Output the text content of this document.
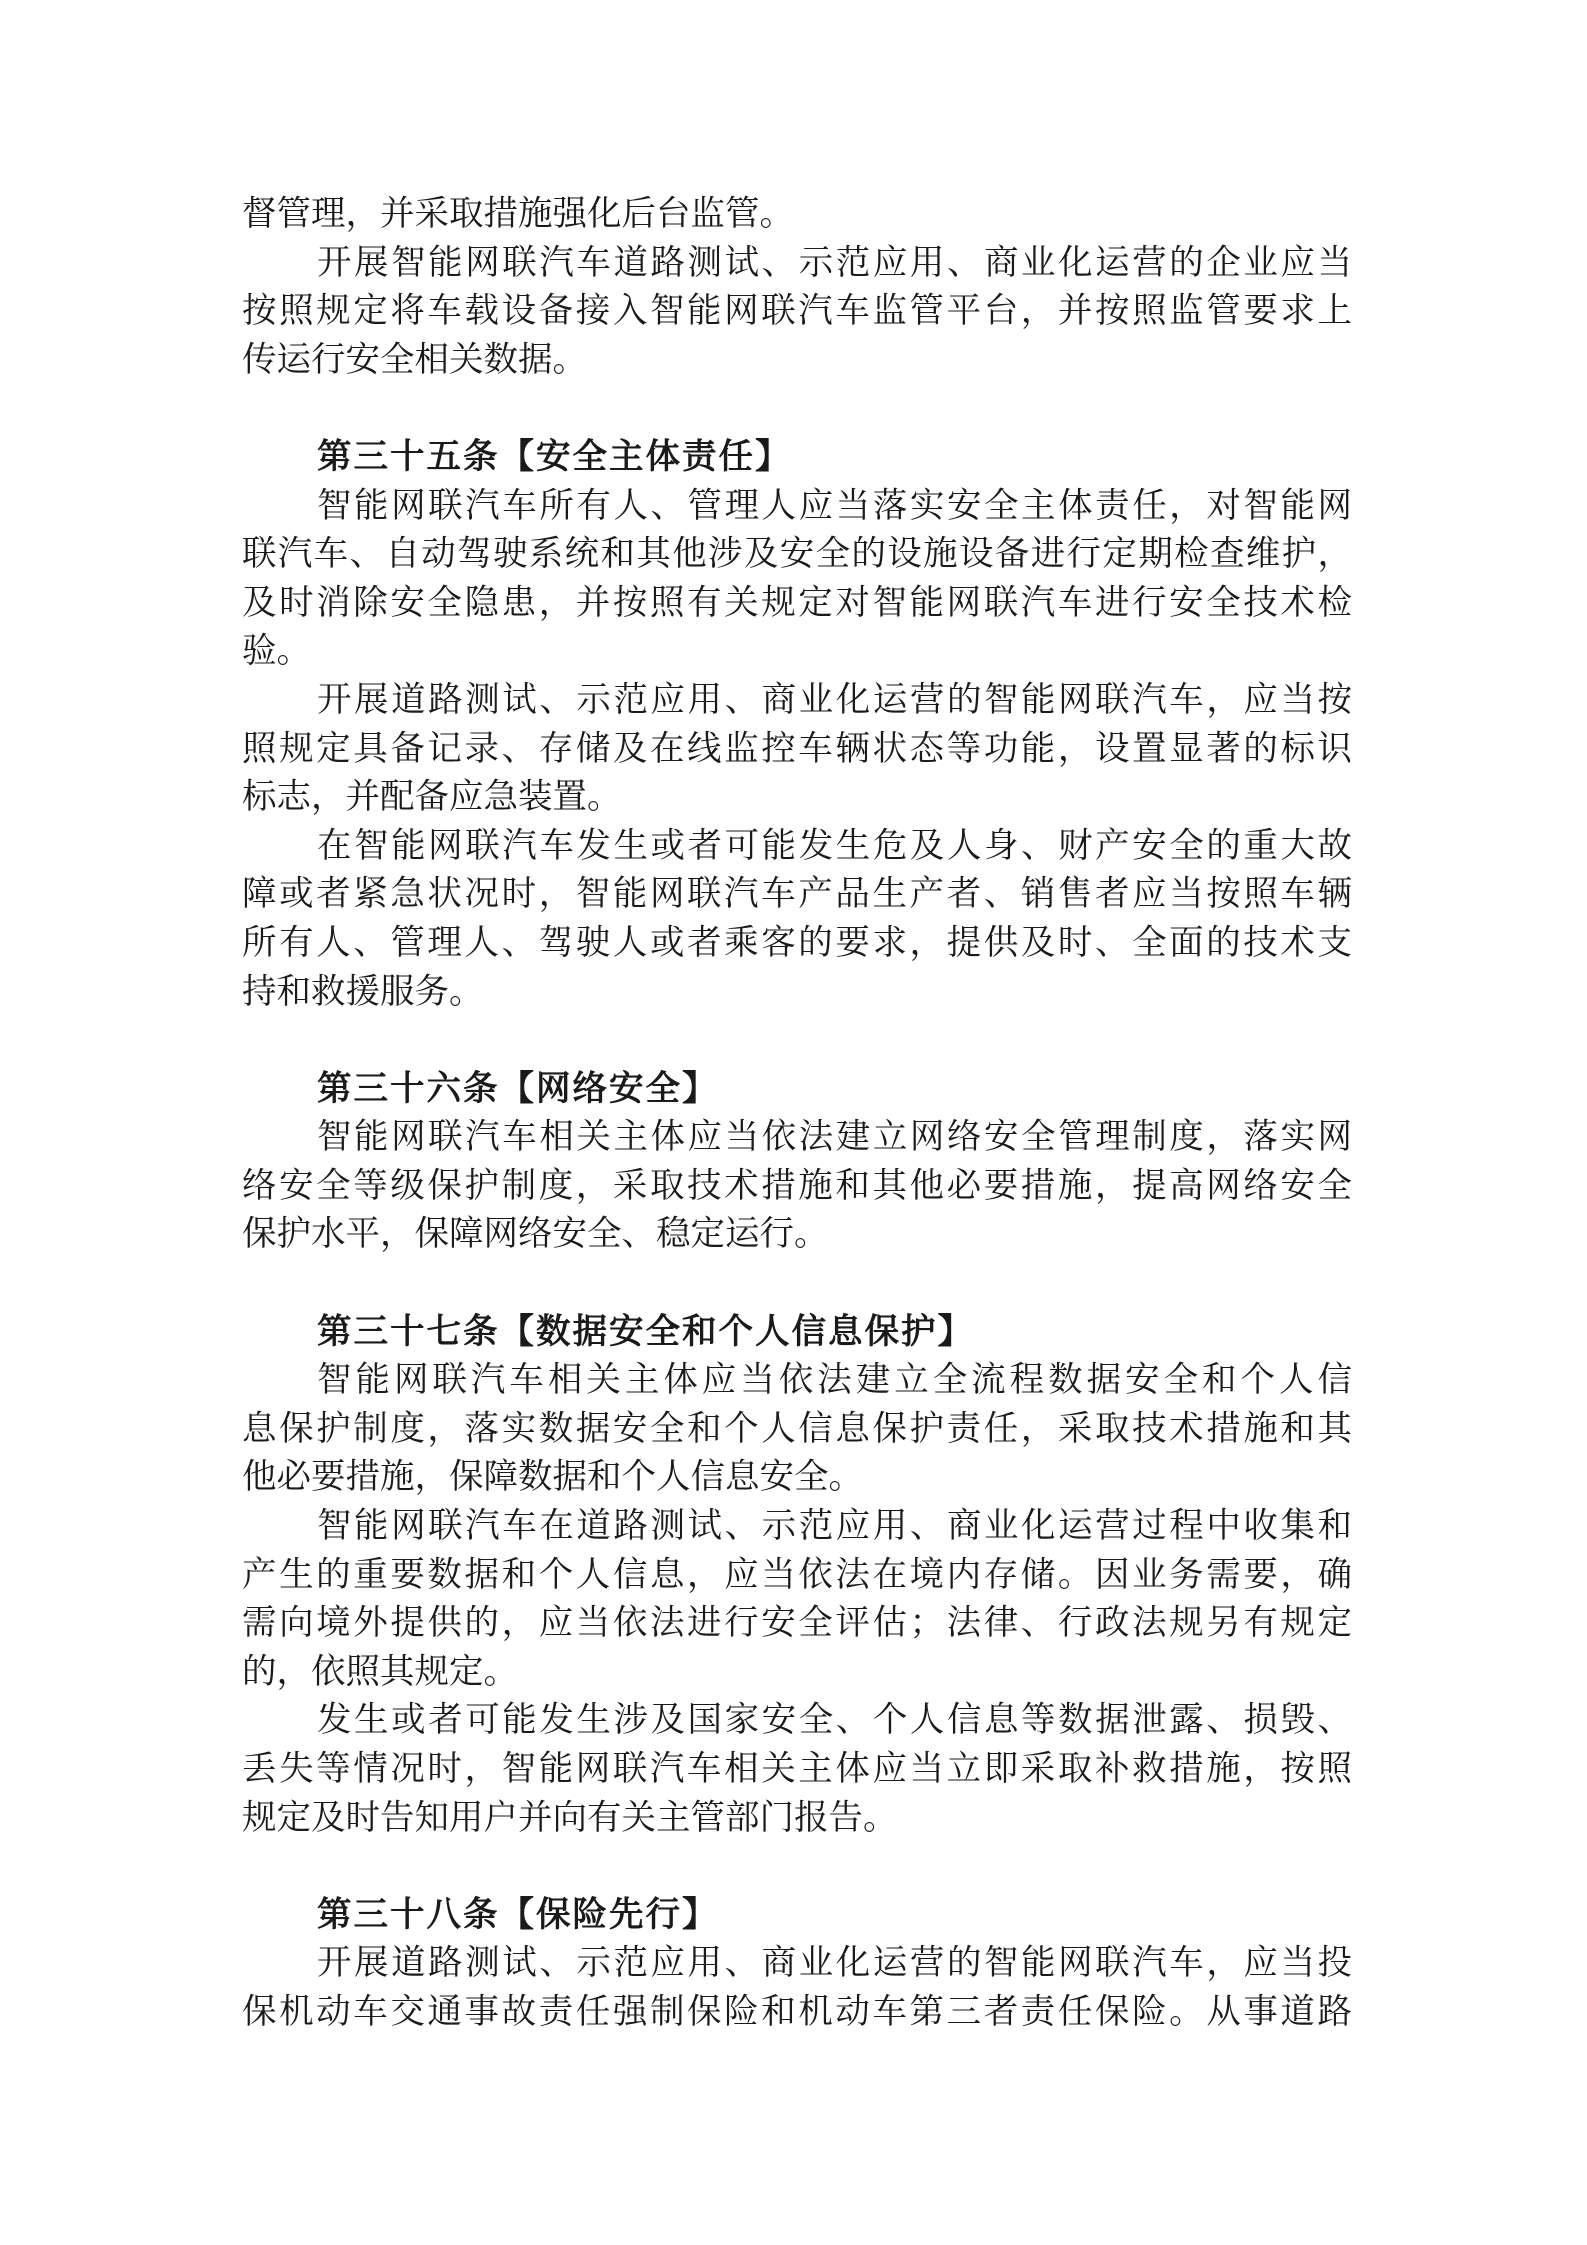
督管理，并采取措施强化后台监管。
开展智能网联汽车道路测试、示范应用、商业化运营的企业应当
按照规定将车载设备接入智能网联汽车监管平台，并按照监管要求上
传运行安全相关数据。
第三十五条【安全主体责任】
智能网联汽车所有人、管理人应当落实安全主体责任，对智能网
联汽车、自动驾驶系统和其他涉及安全的设施设备进行定期检查维护，
及时消除安全隐患，并按照有关规定对智能网联汽车进行安全技术检
验。
开展道路测试、示范应用、商业化运营的智能网联汽车，应当按
照规定具备记录、存储及在线监控车辆状态等功能，设置显著的标识
标志，并配备应急装置。
在智能网联汽车发生或者可能发生危及人身、财产安全的重大故
障或者紧急状况时，智能网联汽车产品生产者、销售者应当按照车辆
所有人、管理人、驾驶人或者乘客的要求，提供及时、全面的技术支
持和救援服务。
第三十六条【网络安全】
智能网联汽车相关主体应当依法建立网络安全管理制度，落实网
络安全等级保护制度，采取技术措施和其他必要措施，提高网络安全
保护水平，保障网络安全、稳定运行。
第三十七条【数据安全和个人信息保护】
智能网联汽车相关主体应当依法建立全流程数据安全和个人信
息保护制度，落实数据安全和个人信息保护责任，采取技术措施和其
他必要措施，保障数据和个人信息安全。
智能网联汽车在道路测试、示范应用、商业化运营过程中收集和
产生的重要数据和个人信息，应当依法在境内存储。因业务需要，确
需向境外提供的，应当依法进行安全评估；法律、行政法规另有规定
的，依照其规定。
发生或者可能发生涉及国家安全、个人信息等数据泄露、损毁、
丢失等情况时，智能网联汽车相关主体应当立即采取补救措施，按照
规定及时告知用户并向有关主管部门报告。
第三十八条【保险先行】
开展道路测试、示范应用、商业化运营的智能网联汽车，应当投
保机动车交通事故责任强制保险和机动车第三者责任保险。从事道路
